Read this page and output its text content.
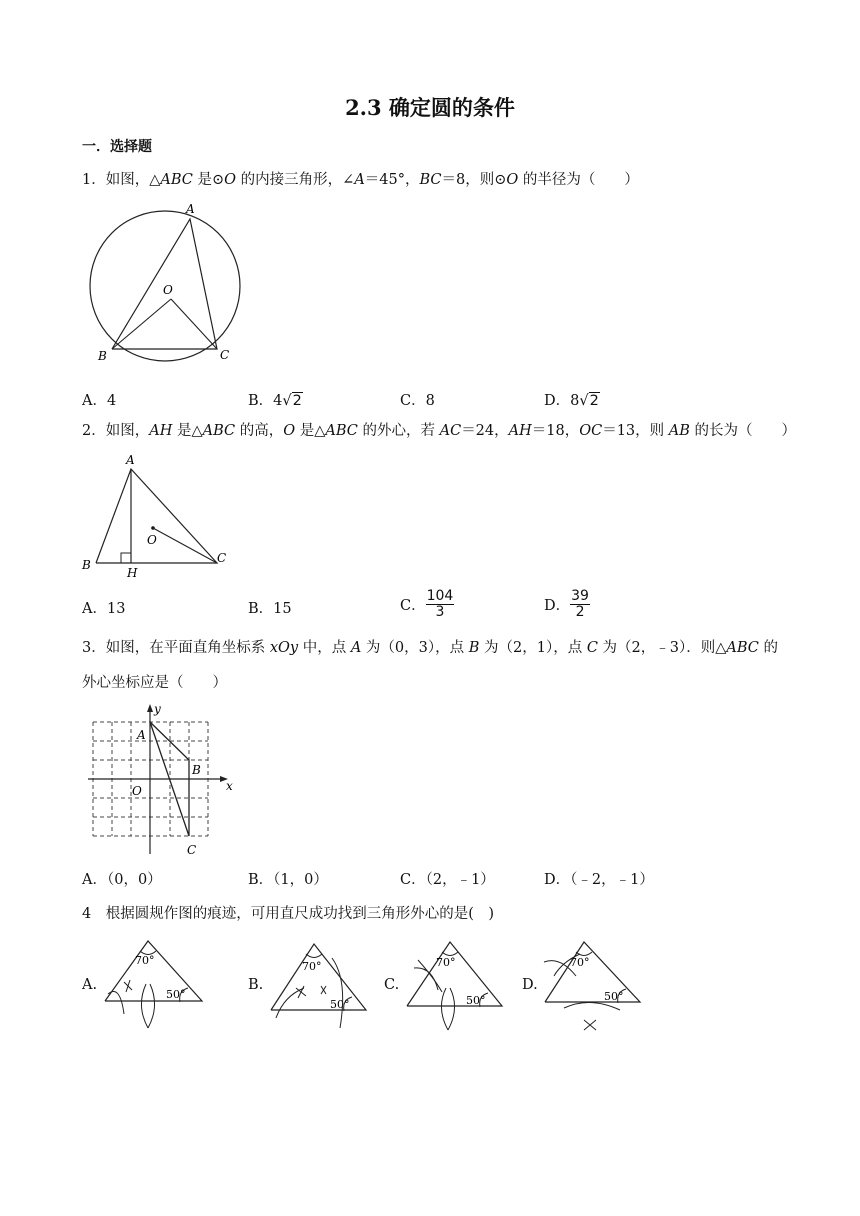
2.3 确定圆的条件
一．选择题
1．如图，△ABC 是⊙O 的内接三角形，∠A＝45°，BC＝8，则⊙O 的半径为（　　）
A
B	C
O
A．4	B．4√2	C．8	D．8√2
2．如图，AH 是△ABC 的高，O 是△ABC 的外心，若 AC＝24，AH＝18，OC＝13，则 AB 的长为（　　）
A
B	C
O
H
A．13	B．15	C． $\frac{104}{3}$	D． $\frac{39}{2}$
3．如图，在平面直角坐标系 xOy 中，点 A 为（0，3），点 B 为（2，1），点 C 为（2，﹣3）．则△ABC 的
外心坐标应是（　　）
x
y
A
B
C
O
A．（0，0）	B．（1，0）	C．（2，﹣1）	D．（﹣2，﹣1）
4　 根据圆规作图的痕迹，可用直尺成功找到三角形外心的是(　)
A.
70°
50°
B.
70°
50°
C.
70°
50°
D.
70°
50°
